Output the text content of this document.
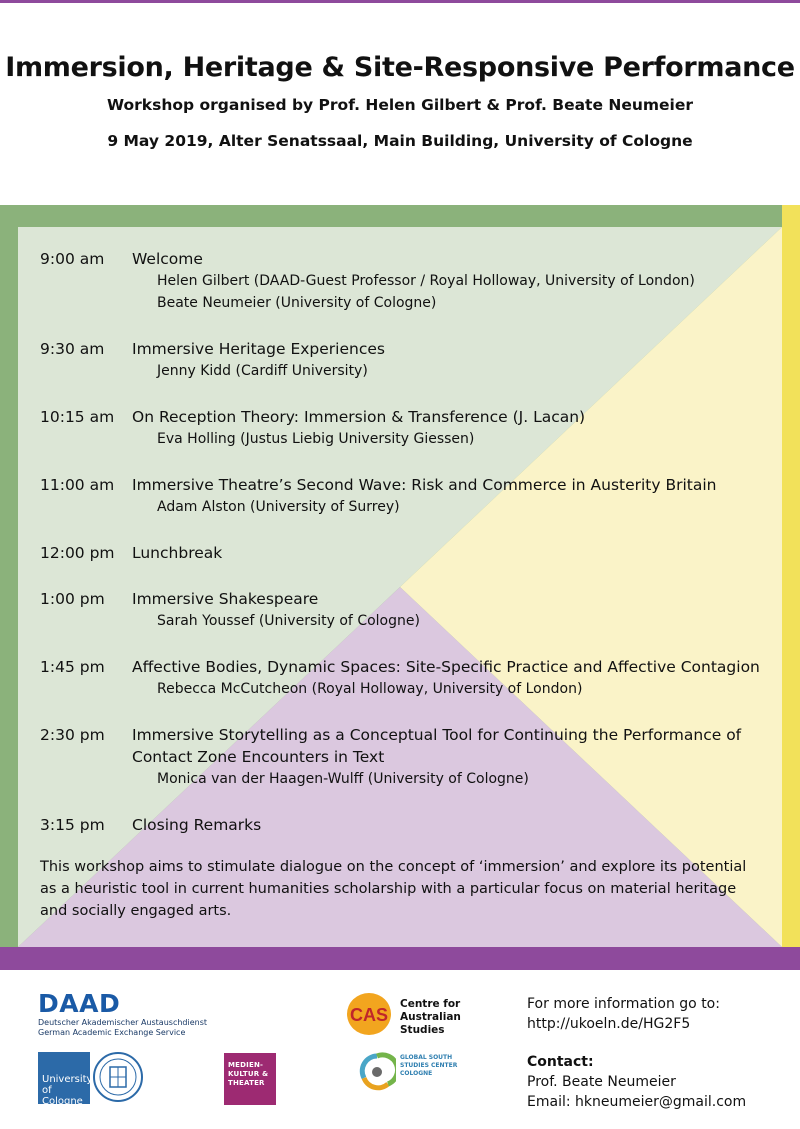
Immersion, Heritage & Site-Responsive Performance
Workshop organised by Prof. Helen Gilbert & Prof. Beate Neumeier
9 May 2019, Alter Senatssaal, Main Building, University of Cologne
9:00 am	Welcome
Helen Gilbert (DAAD-Guest Professor / Royal Holloway, University of London)
Beate Neumeier (University of Cologne)
9:30 am	Immersive Heritage Experiences
Jenny Kidd (Cardiff University)
10:15 am	On Reception Theory: Immersion & Transference (J. Lacan)
Eva Holling (Justus Liebig University Giessen)
11:00 am	Immersive Theatre’s Second Wave: Risk and Commerce in Austerity Britain
Adam Alston (University of Surrey)
12:00 pm	Lunchbreak
1:00 pm	Immersive Shakespeare
Sarah Youssef (University of Cologne)
1:45 pm	Affective Bodies, Dynamic Spaces: Site-Specific Practice and Affective Contagion
Rebecca McCutcheon (Royal Holloway, University of London)
2:30 pm	Immersive Storytelling as a Conceptual Tool for Continuing the Performance of Contact Zone Encounters in Text
Monica van der Haagen-Wulff (University of Cologne)
3:15 pm	Closing Remarks

This workshop aims to stimulate dialogue on the concept of ‘immersion’ and explore its potential as a heuristic tool in current humanities scholarship with a particular focus on material heritage and socially engaged arts.

DAAD
Deutscher Akademischer Austauschdienst
German Academic Exchange Service
University
of Cologne
MEDIEN-
KULTUR &
THEATER
CAS
Centre for
Australian
Studies
GLOBAL SOUTH
STUDIES CENTER
COLOGNE
For more information go to:
http://ukoeln.de/HG2F5
Contact:
Prof. Beate Neumeier
Email: hkneumeier@gmail.com
